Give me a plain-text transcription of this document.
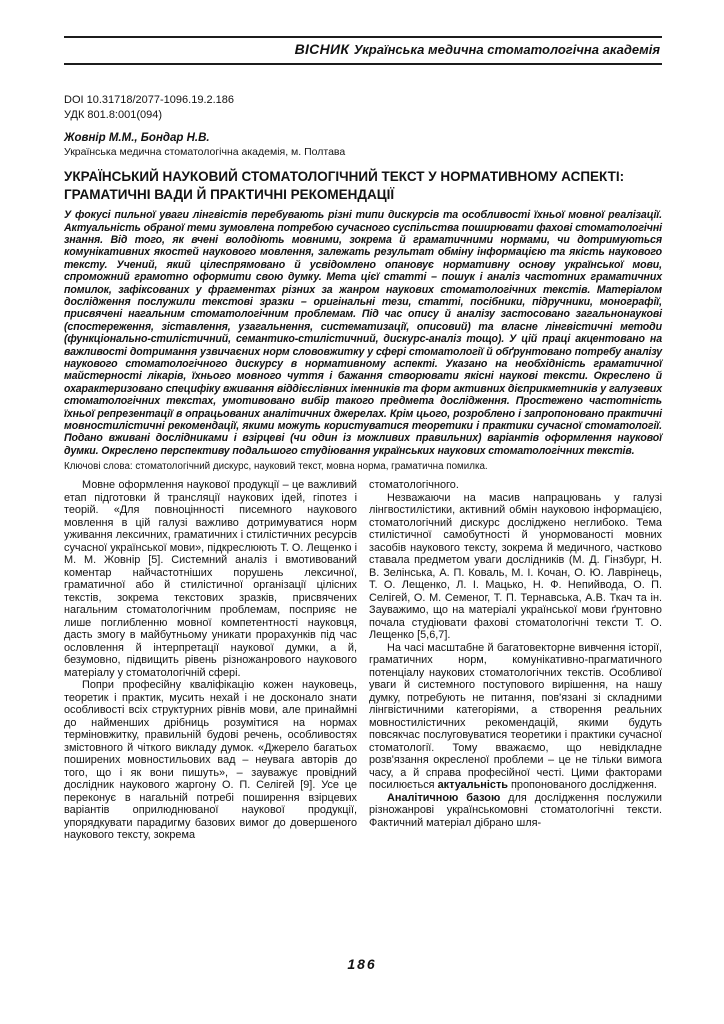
ВІСНИК Українська медична стоматологічна академія
DOI 10.31718/2077-1096.19.2.186
УДК 801.8:001(094)
Жовнір М.М., Бондар Н.В.
Українська медична стоматологічна академія, м. Полтава
УКРАЇНСЬКИЙ НАУКОВИЙ СТОМАТОЛОГІЧНИЙ ТЕКСТ У НОРМАТИВНОМУ АСПЕКТІ: ГРАМАТИЧНІ ВАДИ Й ПРАКТИЧНІ РЕКОМЕНДАЦІЇ

У фокусі пильної уваги лінгвістів перебувають різні типи дискурсів та особливості їхньої мовної реалізації. Актуальність обраної теми зумовлена потребою сучасного суспільства поширювати фахові стоматологічні знання. Від того, як вчені володіють мовними, зокрема й граматичними нормами, чи дотримуються комунікативних якостей наукового мовлення, залежать результат обміну інформацією та якість наукового тексту. Учений, який цілеспрямовано й усвідомлено опановує нормативну основу української мови, спроможний грамотно оформити свою думку. Мета цієї статті – пошук і аналіз частотних граматичних помилок, зафіксованих у фрагментах різних за жанром наукових стоматологічних текстів. Матеріалом дослідження послужили текстові зразки – оригінальні тези, статті, посібники, підручники, монографії, присвячені нагальним стоматологічним проблемам. Під час опису й аналізу застосовано загальнонаукові (спостереження, зіставлення, узагальнення, систематизації, описовий) та власне лінгвістичні методи (функціонально-стилістичний, семантико-стилістичний, дискурс-аналіз тощо). У цій праці акцентовано на важливості дотримання узвичаєних норм слововжитку у сфері стоматології й обґрунтовано потребу аналізу наукового стоматологічного дискурсу в нормативному аспекті. Указано на необхідність граматичної майстерності лікарів, їхнього мовного чуття і бажання створювати якісні наукові тексти. Окреслено й охарактеризовано специфіку вживання віддієслівних іменників та форм активних дієприкметників у галузевих стоматологічних текстах, умотивовано вибір такого предмета дослідження. Простежено частотність їхньої репрезентації в опрацьованих аналітичних джерелах. Крім цього, розроблено і запропоновано практичні мовностилістичні рекомендації, якими можуть користуватися теоретики і практики сучасної стоматології. Подано вживані дослідниками і взірцеві (чи один із можливих правильних) варіантів оформлення наукової думки. Окреслено перспективу подальшого студіювання українських наукових стоматологічних текстів.

Ключові слова: стоматологічний дискурс, науковий текст, мовна норма, граматична помилка.

Мовне оформлення наукової продукції – це важливий етап підготовки й трансляції наукових ідей, гіпотез і теорій. «Для повноцінності писемного наукового мовлення в цій галузі важливо дотримуватися норм уживання лексичних, граматичних і стилістичних ресурсів сучасної української мови», підкреслюють Т. О. Лещенко і М. М. Жовнір [5]. Системний аналіз і вмотивований коментар найчастотніших порушень лексичної, граматичної або й стилістичної організації цілісних текстів, зокрема текстових зразків, присвячених нагальним стоматологічним проблемам, посприяє не лише поглибленню мовної компетентності науковця, дасть змогу в майбутньому уникати прорахунків під час ословлення й інтерпретації наукової думки, а й, безумовно, підвищить рівень різножанрового наукового матеріалу у стоматологічній сфері.

Попри професійну кваліфікацію кожен науковець, теоретик і практик, мусить нехай і не досконало знати особливості всіх структурних рівнів мови, але принаймні до найменших дрібниць розумітися на нормах терміновжитку, правильній будові речень, особливостях змістовного й чіткого викладу думок. «Джерело багатьох поширених мовностильових вад – неувага авторів до того, що і як вони пишуть», – зауважує провідний дослідник наукового жаргону О. П. Селігей [9]. Усе це переконує в нагальній потребі поширення взірцевих варіантів оприлюднюваної наукової продукції, упорядкувати парадигму базових вимог до довершеного наукового тексту, зокрема

стоматологічного.

Незважаючи на масив напрацювань у галузі лінгвостилістики, активний обмін науковою інформацією, стоматологічний дискурс досліджено неглибоко. Тема стилістичної самобутності й унормованості мовних засобів наукового тексту, зокрема й медичного, частково ставала предметом уваги дослідників (М. Д. Гінзбург, Н. В. Зелінська, А. П. Коваль, М. І. Кочан, О. Ю. Лаврінець, Т. О. Лещенко, Л. І. Мацько, Н. Ф. Непийвода, О. П. Селігей, О. М. Семеног, Т. П. Тернавська, А.В. Ткач та ін. Зауважимо, що на матеріалі української мови ґрунтовно почала студіювати фахові стоматологічні тексти Т. О. Лещенко [5,6,7].

На часі масштабне й багатовекторне вивчення історії, граматичних норм, комунікативно-прагматичного потенціалу наукових стоматологічних текстів. Особливої уваги й системного поступового вирішення, на нашу думку, потребують не питання, пов'язані зі складними лінгвістичними категоріями, а створення реальних мовностилістичних рекомендацій, якими будуть повсякчас послуговуватися теоретики і практики сучасної стоматології. Тому вважаємо, що невідкладне розв'язання окресленої проблеми – це не тільки вимога часу, а й справа професійної честі. Цими факторами посилюється актуальність пропонованого дослідження.

Аналітичною базою для дослідження послужили різножанрові українськомовні стоматологічні тексти. Фактичний матеріал дібрано шля-

186
